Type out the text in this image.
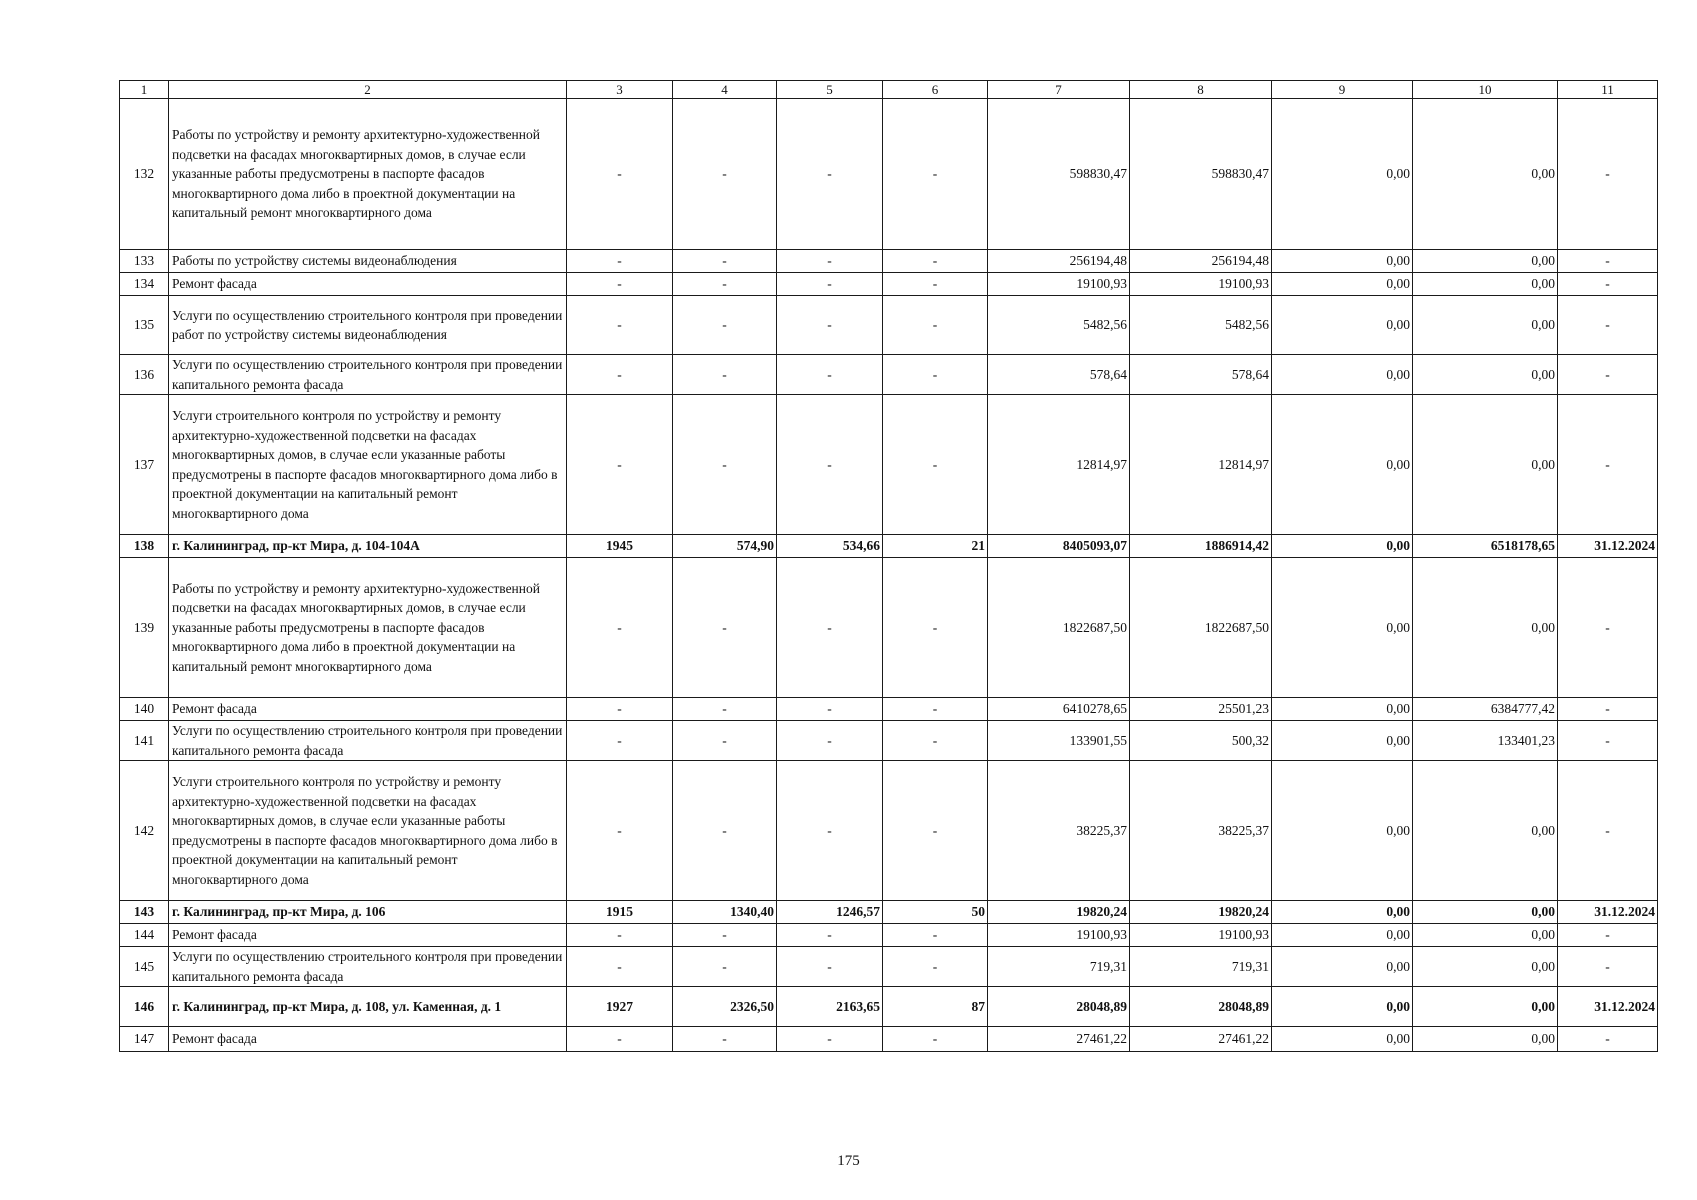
1	2	3	4	5	6	7	8	9	10	11
132	Работы по устройству и ремонту архитектурно-художественной подсветки на фасадах многоквартирных домов, в случае если указанные работы предусмотрены в паспорте фасадов многоквартирного дома либо в проектной документации на капитальный ремонт многоквартирного дома	-	-	-	-	598830,47	598830,47	0,00	0,00	-
133	Работы по устройству системы видеонаблюдения	-	-	-	-	256194,48	256194,48	0,00	0,00	-
134	Ремонт фасада	-	-	-	-	19100,93	19100,93	0,00	0,00	-
135	Услуги по осуществлению строительного контроля при проведении работ по устройству системы видеонаблюдения	-	-	-	-	5482,56	5482,56	0,00	0,00	-
136	Услуги по осуществлению строительного контроля при проведении капитального ремонта фасада	-	-	-	-	578,64	578,64	0,00	0,00	-
137	Услуги строительного контроля по устройству и ремонту архитектурно-художественной подсветки на фасадах многоквартирных домов, в случае если указанные работы предусмотрены в паспорте фасадов многоквартирного дома либо в проектной документации на капитальный ремонт многоквартирного дома	-	-	-	-	12814,97	12814,97	0,00	0,00	-
138	г. Калининград, пр-кт Мира, д. 104-104А	1945	574,90	534,66	21	8405093,07	1886914,42	0,00	6518178,65	31.12.2024
139	Работы по устройству и ремонту архитектурно-художественной подсветки на фасадах многоквартирных домов, в случае если указанные работы предусмотрены в паспорте фасадов многоквартирного дома либо в проектной документации на капитальный ремонт многоквартирного дома	-	-	-	-	1822687,50	1822687,50	0,00	0,00	-
140	Ремонт фасада	-	-	-	-	6410278,65	25501,23	0,00	6384777,42	-
141	Услуги по осуществлению строительного контроля при проведении капитального ремонта фасада	-	-	-	-	133901,55	500,32	0,00	133401,23	-
142	Услуги строительного контроля по устройству и ремонту архитектурно-художественной подсветки на фасадах многоквартирных домов, в случае если указанные работы предусмотрены в паспорте фасадов многоквартирного дома либо в проектной документации на капитальный ремонт многоквартирного дома	-	-	-	-	38225,37	38225,37	0,00	0,00	-
143	г. Калининград, пр-кт Мира, д. 106	1915	1340,40	1246,57	50	19820,24	19820,24	0,00	0,00	31.12.2024
144	Ремонт фасада	-	-	-	-	19100,93	19100,93	0,00	0,00	-
145	Услуги по осуществлению строительного контроля при проведении капитального ремонта фасада	-	-	-	-	719,31	719,31	0,00	0,00	-
146	г. Калининград, пр-кт Мира, д. 108, ул. Каменная, д. 1	1927	2326,50	2163,65	87	28048,89	28048,89	0,00	0,00	31.12.2024
147	Ремонт фасада	-	-	-	-	27461,22	27461,22	0,00	0,00	-
175
